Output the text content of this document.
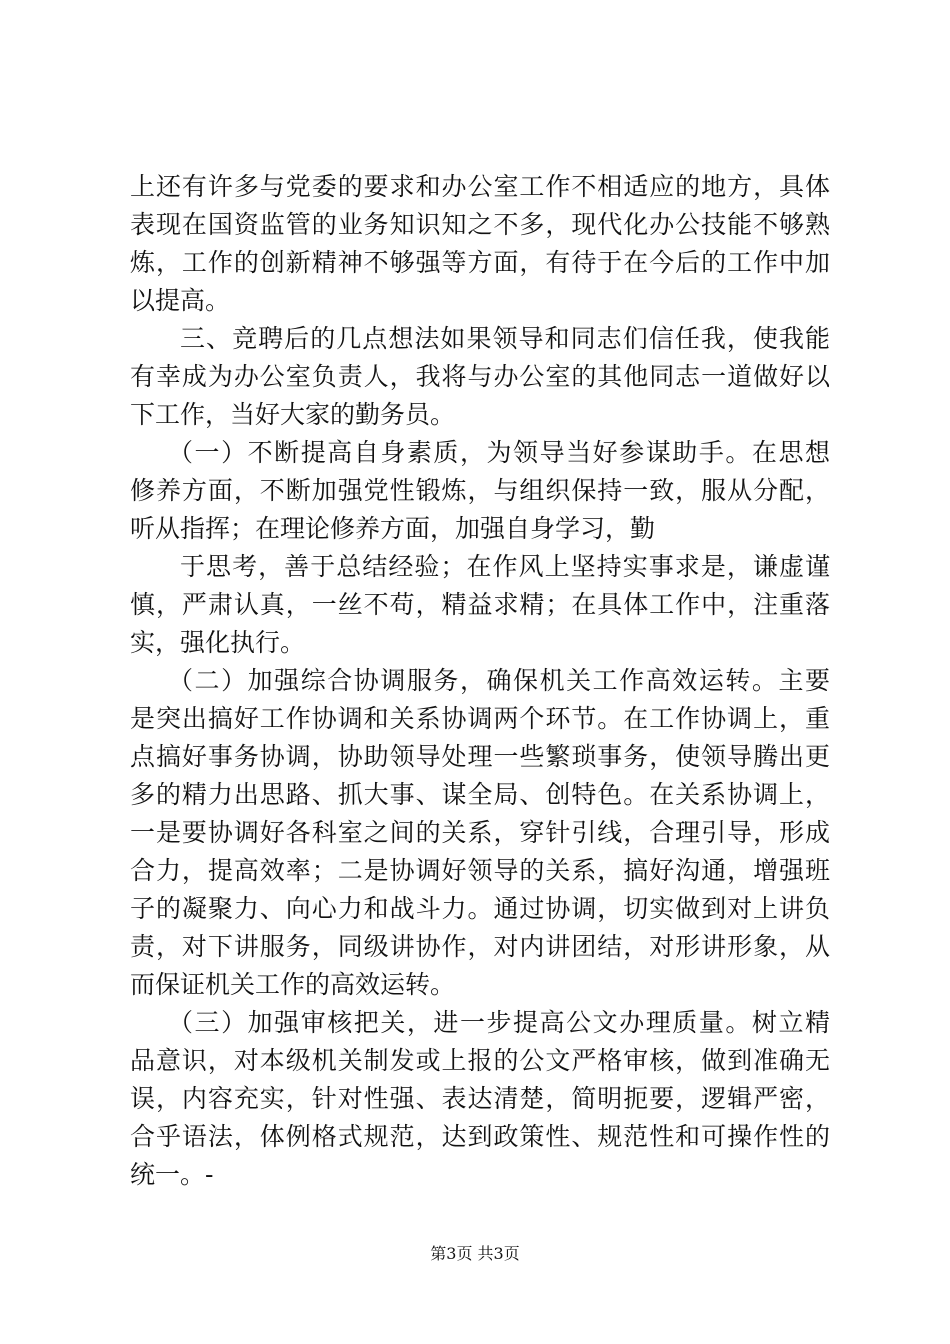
上还有许多与党委的要求和办公室工作不相适应的地方，具体
表现在国资监管的业务知识知之不多，现代化办公技能不够熟
炼，工作的创新精神不够强等方面，有待于在今后的工作中加
以提高。
三、竞聘后的几点想法如果领导和同志们信任我，使我能
有幸成为办公室负责人，我将与办公室的其他同志一道做好以
下工作，当好大家的勤务员。
（一）不断提高自身素质，为领导当好参谋助手。在思想
修养方面，不断加强党性锻炼，与组织保持一致，服从分配，
听从指挥；在理论修养方面，加强自身学习，勤
于思考，善于总结经验；在作风上坚持实事求是，谦虚谨
慎，严肃认真，一丝不苟，精益求精；在具体工作中，注重落
实，强化执行。
（二）加强综合协调服务，确保机关工作高效运转。主要
是突出搞好工作协调和关系协调两个环节。在工作协调上，重
点搞好事务协调，协助领导处理一些繁琐事务，使领导腾出更
多的精力出思路、抓大事、谋全局、创特色。在关系协调上，
一是要协调好各科室之间的关系，穿针引线，合理引导，形成
合力，提高效率；二是协调好领导的关系，搞好沟通，增强班
子的凝聚力、向心力和战斗力。通过协调，切实做到对上讲负
责，对下讲服务，同级讲协作，对内讲团结，对形讲形象，从
而保证机关工作的高效运转。
（三）加强审核把关，进一步提高公文办理质量。树立精
品意识，对本级机关制发或上报的公文严格审核，做到准确无
误，内容充实，针对性强、表达清楚，简明扼要，逻辑严密，
合乎语法，体例格式规范，达到政策性、规范性和可操作性的
统一。-
第3页 共3页
